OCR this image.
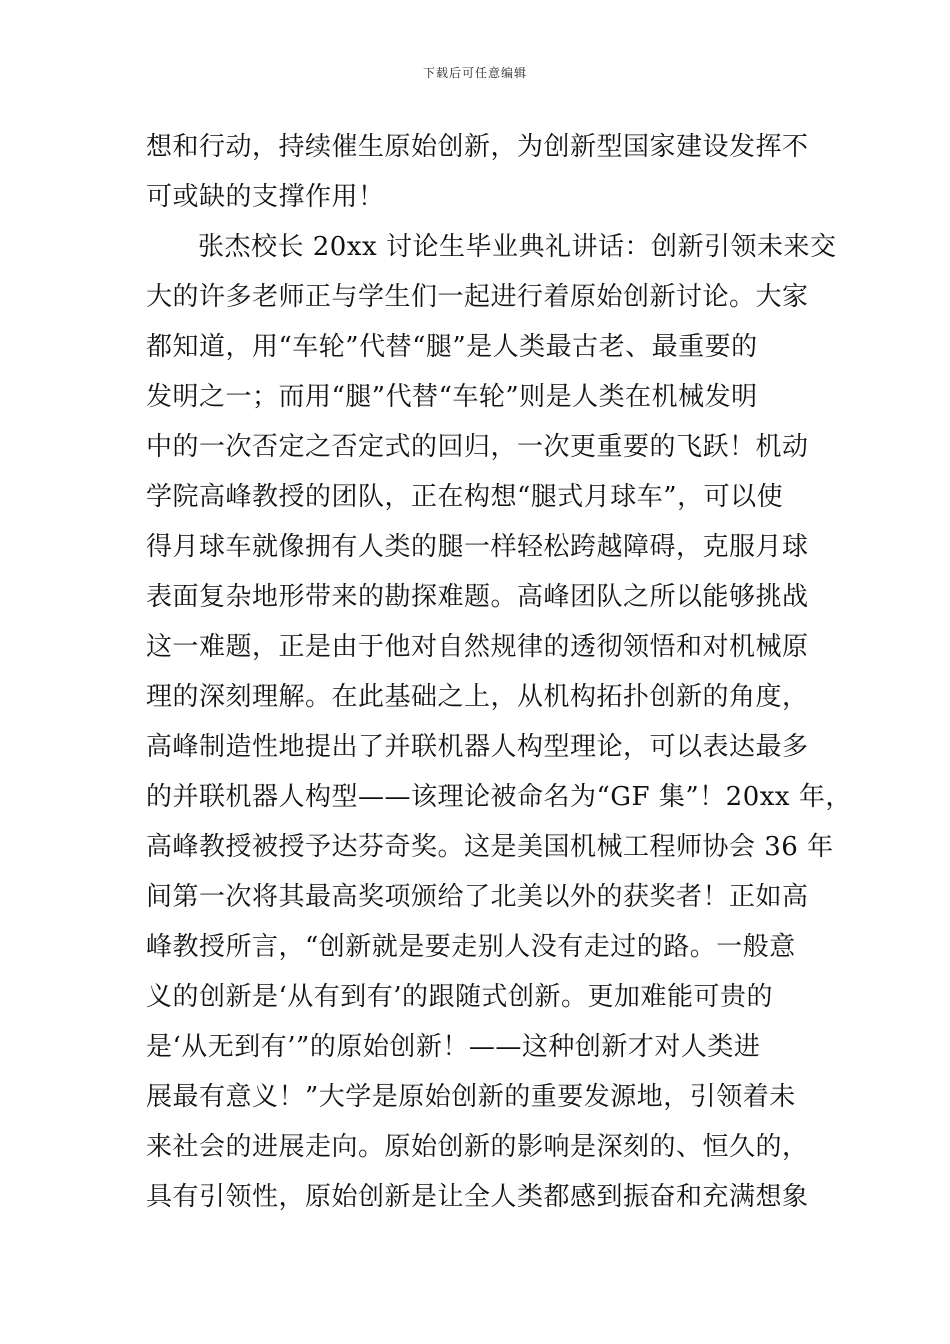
下载后可任意编辑
想和行动，持续催生原始创新，为创新型国家建设发挥不
可或缺的支撑作用！
张杰校长 20xx 讨论生毕业典礼讲话：创新引领未来交
大的许多老师正与学生们一起进行着原始创新讨论。大家
都知道，用“车轮”代替“腿”是人类最古老、最重要的
发明之一；而用“腿”代替“车轮”则是人类在机械发明
中的一次否定之否定式的回归，一次更重要的飞跃！机动
学院高峰教授的团队，正在构想“腿式月球车”，可以使
得月球车就像拥有人类的腿一样轻松跨越障碍，克服月球
表面复杂地形带来的勘探难题。高峰团队之所以能够挑战
这一难题，正是由于他对自然规律的透彻领悟和对机械原
理的深刻理解。在此基础之上，从机构拓扑创新的角度，
高峰制造性地提出了并联机器人构型理论，可以表达最多
的并联机器人构型——该理论被命名为“GF 集”！20xx 年，
高峰教授被授予达芬奇奖。这是美国机械工程师协会 36 年
间第一次将其最高奖项颁给了北美以外的获奖者！正如高
峰教授所言，“创新就是要走别人没有走过的路。一般意
义的创新是‘从有到有’的跟随式创新。更加难能可贵的
是‘从无到有’”的原始创新！——这种创新才对人类进
展最有意义！”大学是原始创新的重要发源地，引领着未
来社会的进展走向。原始创新的影响是深刻的、恒久的，
具有引领性，原始创新是让全人类都感到振奋和充满想象
